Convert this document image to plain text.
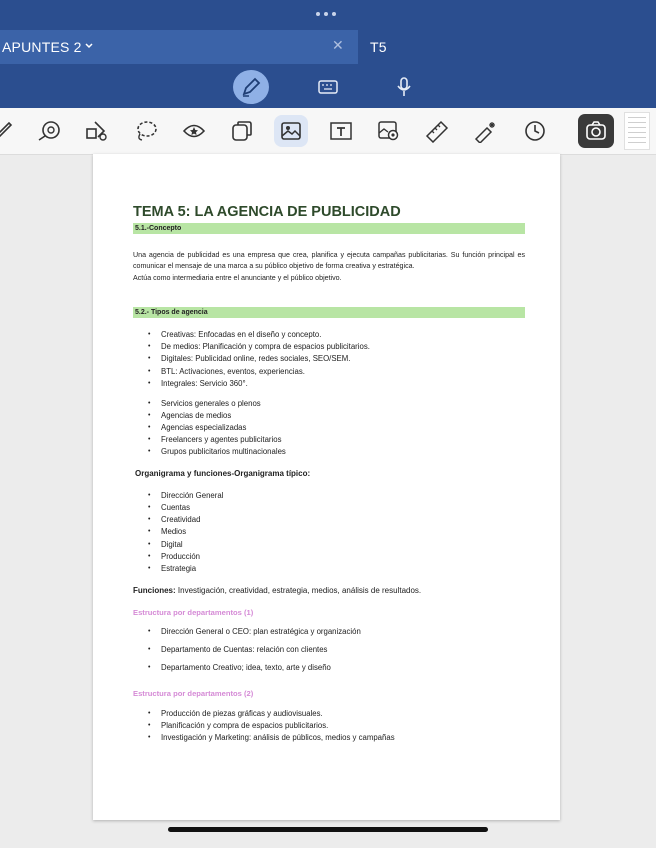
APUNTES 2	✕ T5

TEMA 5: LA AGENCIA DE PUBLICIDAD

5.1.-Concepto

Una agencia de publicidad es una empresa que crea, planifica y ejecuta campañas publicitarias. Su función principal es comunicar el mensaje de una marca a su público objetivo de forma creativa y estratégica.

Actúa como intermediaria entre el anunciante y el público objetivo.

5.2.- Tipos de agencia
• Creativas: Enfocadas en el diseño y concepto.
• De medios: Planificación y compra de espacios publicitarios.
• Digitales: Publicidad online, redes sociales, SEO/SEM.
• BTL: Activaciones, eventos, experiencias.
• Integrales: Servicio 360°.
• Servicios generales o plenos
• Agencias de medios
• Agencias especializadas
• Freelancers y agentes publicitarios
• Grupos publicitarios multinacionales

Organigrama y funciones-Organigrama típico:

• Dirección General
• Cuentas
• Creatividad
• Medios
• Digital
• Producción
• Estrategia

Funciones: Investigación, creatividad, estrategia, medios, análisis de resultados.

Estructura por departamentos (1)

• Dirección General o CEO: plan estratégica y organización
• Departamento de Cuentas: relación con clientes
• Departamento Creativo; idea, texto, arte y diseño

Estructura por departamentos (2)

• Producción de piezas gráficas y audiovisuales.
• Planificación y compra de espacios publicitarios.
• Investigación y Marketing: análisis de públicos, medios y campañas
